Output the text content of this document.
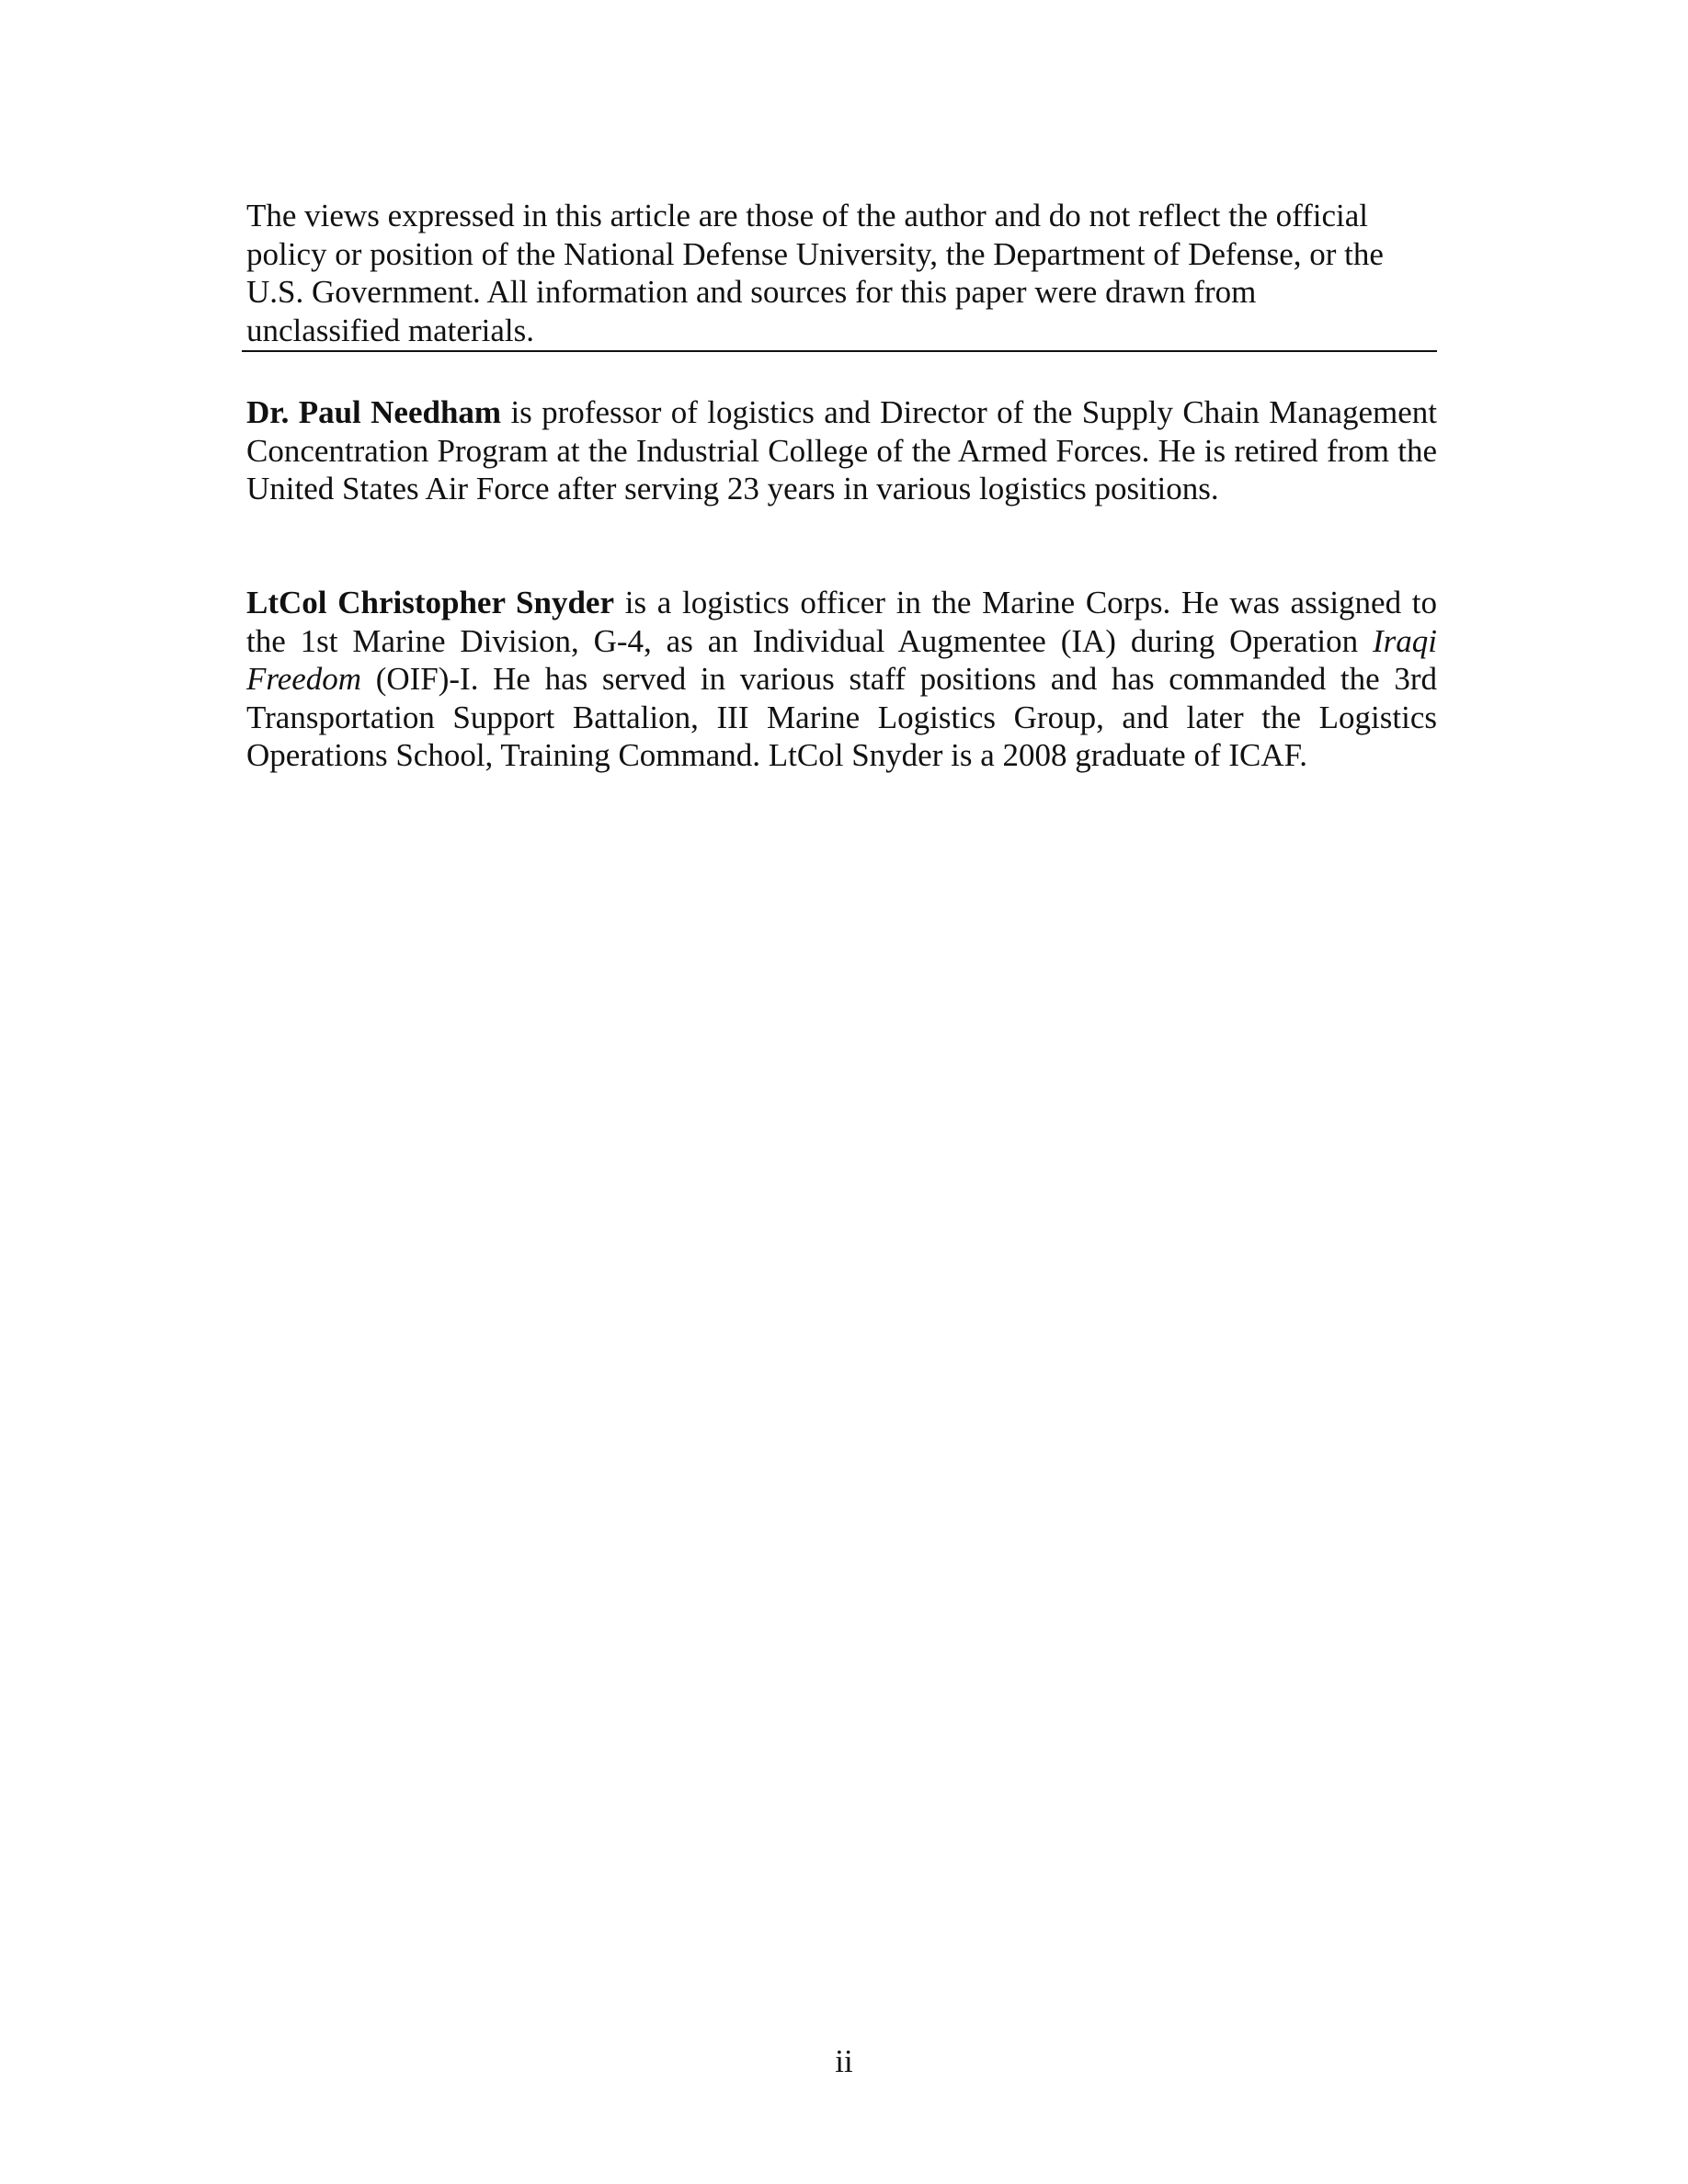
The views expressed in this article are those of the author and do not reflect the official
policy or position of the National Defense University, the Department of Defense, or the
U.S. Government. All information and sources for this paper were drawn from
unclassified materials.

Dr. Paul Needham is professor of logistics and Director of the Supply Chain Management Concentration Program at the Industrial College of the Armed Forces. He is retired from the United States Air Force after serving 23 years in various logistics positions.

LtCol Christopher Snyder is a logistics officer in the Marine Corps. He was assigned to the 1st Marine Division, G-4, as an Individual Augmentee (IA) during Operation Iraqi Freedom (OIF)-I. He has served in various staff positions and has commanded the 3rd Transportation Support Battalion, III Marine Logistics Group, and later the Logistics Operations School, Training Command. LtCol Snyder is a 2008 graduate of ICAF.

ii
